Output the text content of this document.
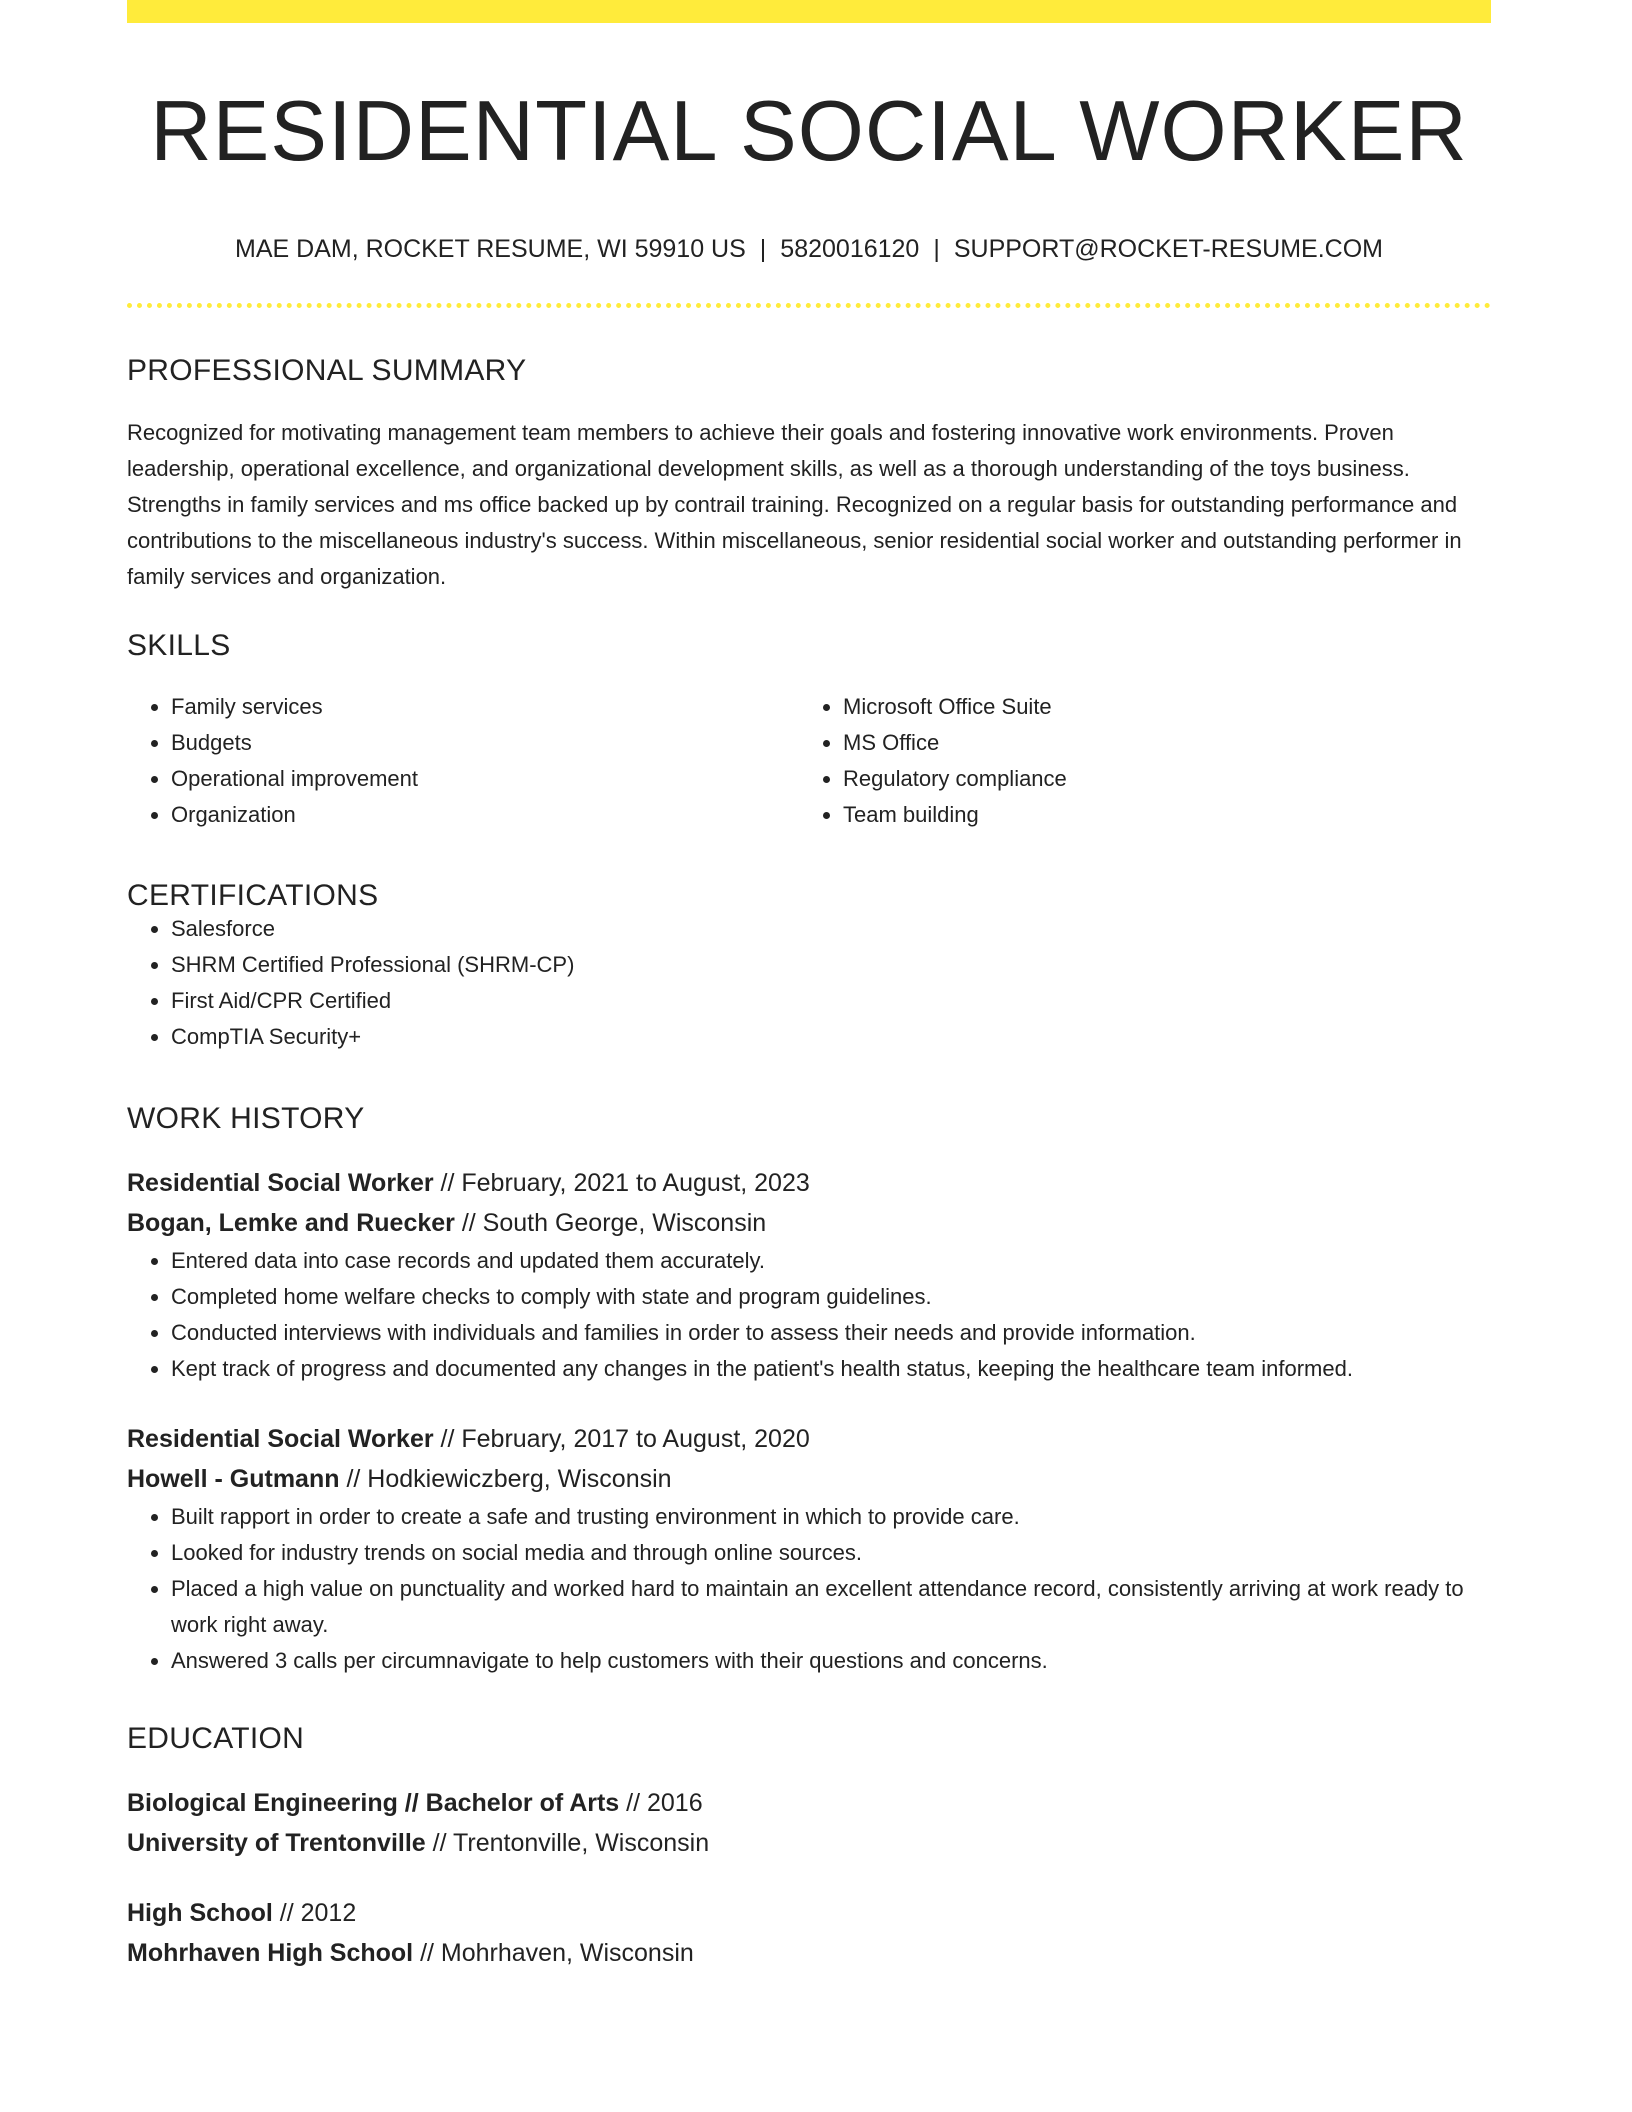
RESIDENTIAL SOCIAL WORKER
MAE DAM, ROCKET RESUME, WI 59910 US | 5820016120 | SUPPORT@ROCKET-RESUME.COM
PROFESSIONAL SUMMARY

Recognized for motivating management team members to achieve their goals and fostering innovative work environments. Proven leadership, operational excellence, and organizational development skills, as well as a thorough understanding of the toys business. Strengths in family services and ms office backed up by contrail training. Recognized on a regular basis for outstanding performance and contributions to the miscellaneous industry's success. Within miscellaneous, senior residential social worker and outstanding performer in family services and organization.

SKILLS
• Family services
• Budgets
• Operational improvement
• Organization
• Microsoft Office Suite
• MS Office
• Regulatory compliance
• Team building
CERTIFICATIONS
• Salesforce
• SHRM Certified Professional (SHRM-CP)
• First Aid/CPR Certified
• CompTIA Security+
WORK HISTORY
Residential Social Worker // February, 2021 to August, 2023
Bogan, Lemke and Ruecker // South George, Wisconsin
• Entered data into case records and updated them accurately.
• Completed home welfare checks to comply with state and program guidelines.
• Conducted interviews with individuals and families in order to assess their needs and provide information.
• Kept track of progress and documented any changes in the patient's health status, keeping the healthcare team informed.
Residential Social Worker // February, 2017 to August, 2020
Howell - Gutmann // Hodkiewiczberg, Wisconsin
• Built rapport in order to create a safe and trusting environment in which to provide care.
• Looked for industry trends on social media and through online sources.
• Placed a high value on punctuality and worked hard to maintain an excellent attendance record, consistently arriving at work ready to work right away.
• Answered 3 calls per circumnavigate to help customers with their questions and concerns.
EDUCATION
Biological Engineering // Bachelor of Arts // 2016
University of Trentonville // Trentonville, Wisconsin
High School // 2012
Mohrhaven High School // Mohrhaven, Wisconsin
